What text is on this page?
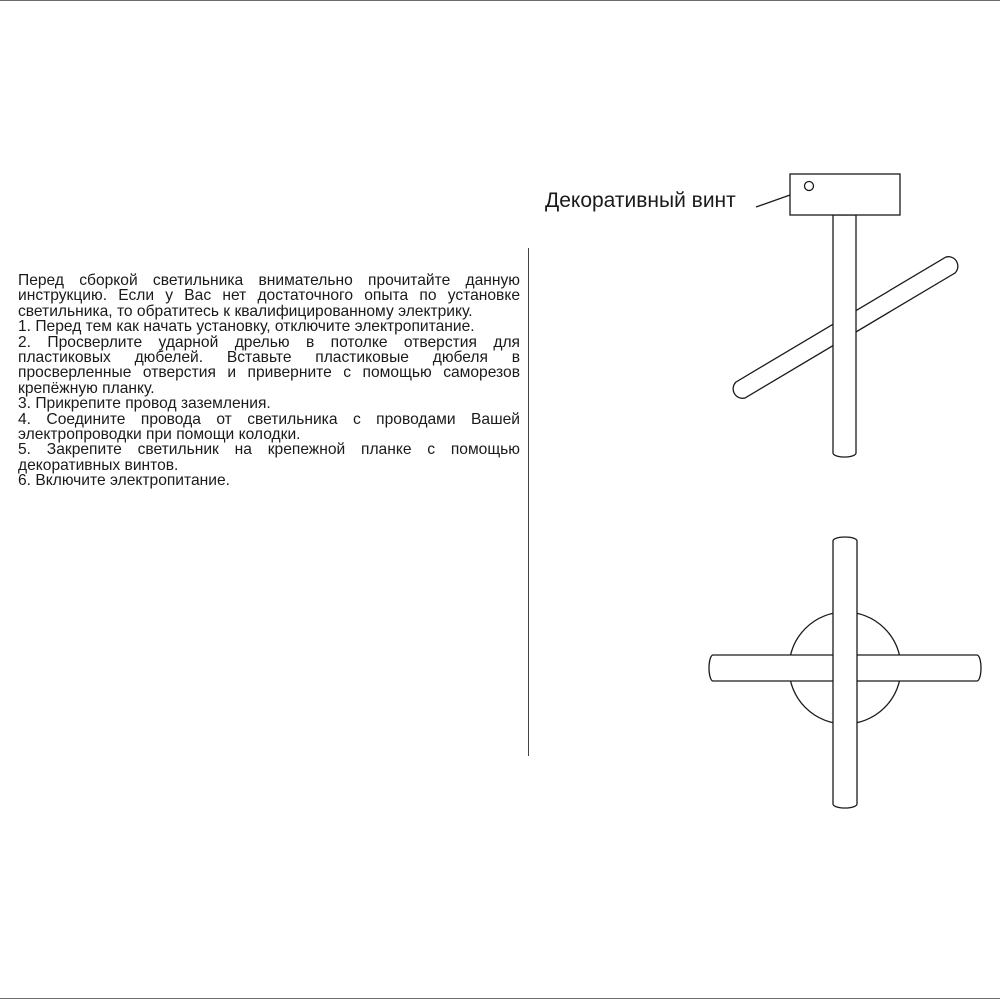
Перед сборкой светильника внимательно прочитайте данную инструкцию. Если у Вас нет достаточного опыта по установке светильника, то обратитесь к квалифицированному электрику.

1. Перед тем как начать установку, отключите электропитание.

2. Просверлите ударной дрелью в потолке отверстия для пластиковых дюбелей. Вставьте пластиковые дюбеля в просверленные отверстия и приверните с помощью саморезов крепёжную планку.

3. Прикрепите провод заземления.

4. Соедините провода от светильника с проводами Вашей электропроводки при помощи колодки.

5. Закрепите светильник на крепежной планке с помощью декоративных винтов.

6. Включите электропитание.

Декоративный винт
